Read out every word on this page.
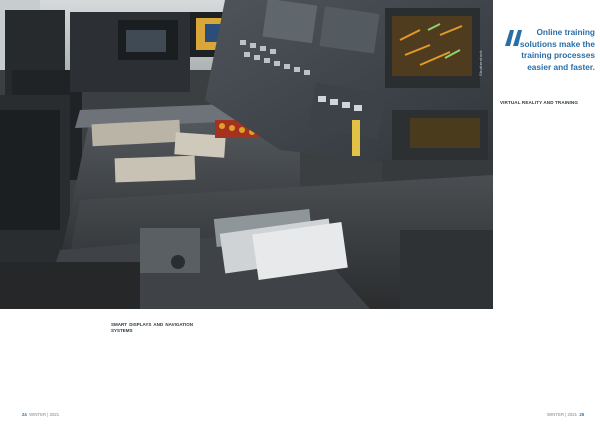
Shutterstock
Online training solutions make the training processes easier and faster.
VIRTUAL REALITY AND TRAINING

SMART DISPLAYS AND NAVIGATION SYSTEMS

24 WINTER | 2021	WINTER | 2021 25
